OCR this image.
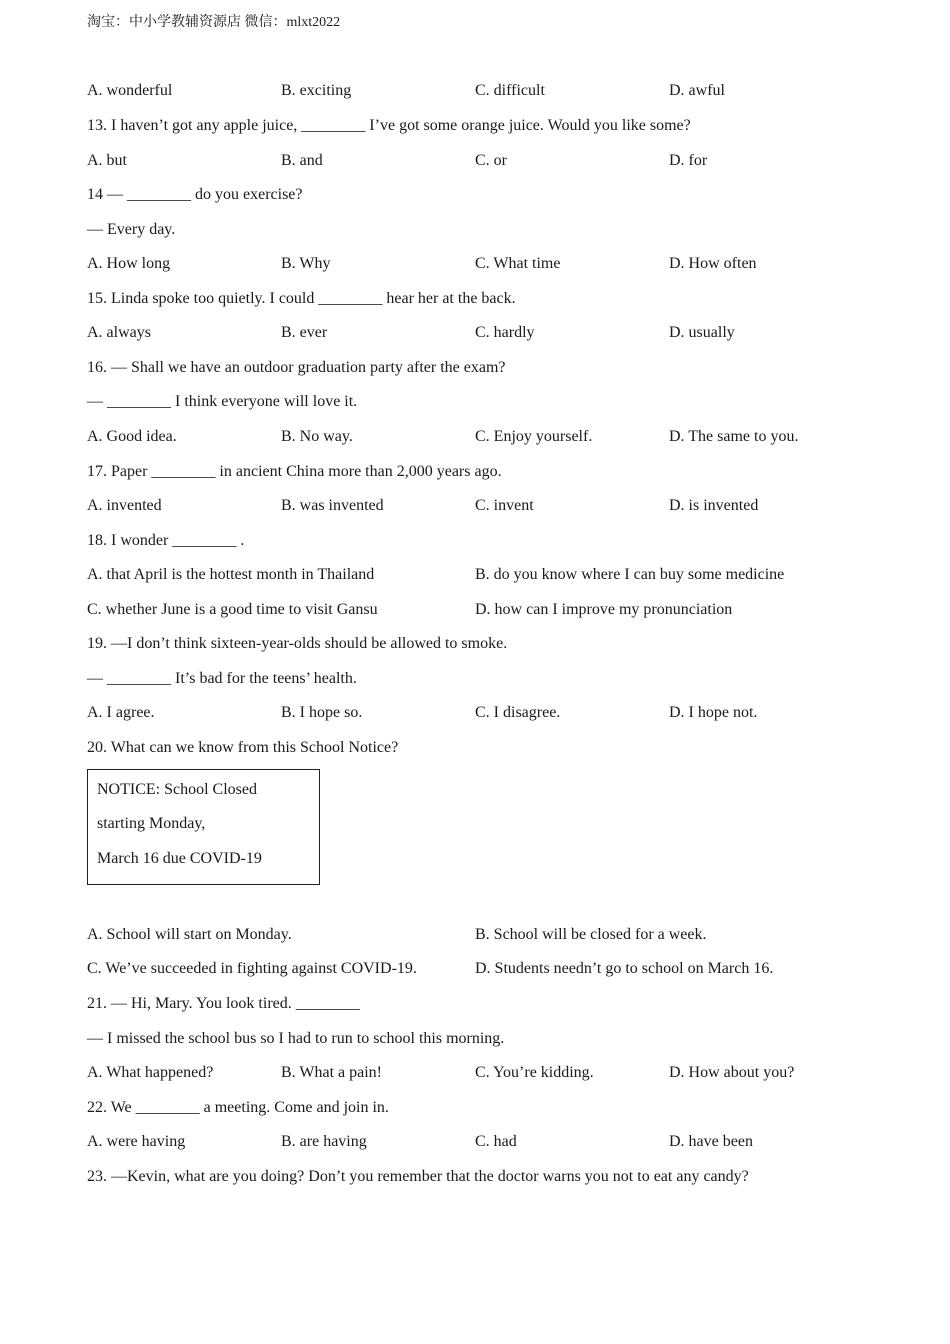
淘宝：中小学教辅资源店 微信：mlxt2022
A. wonderful	B. exciting	C. difficult	D. awful
13. I haven’t got any apple juice, ________ I’ve got some orange juice. Would you like some?
A. but	B. and	C. or	D. for
14 — ________ do you exercise?
— Every day.
A. How long	B. Why	C. What time	D. How often
15. Linda spoke too quietly. I could ________ hear her at the back.
A. always	B. ever	C. hardly	D. usually
16. — Shall we have an outdoor graduation party after the exam?
— ________ I think everyone will love it.
A. Good idea.	B. No way.	C. Enjoy yourself.	D. The same to you.
17. Paper ________ in ancient China more than 2,000 years ago.
A. invented	B. was invented	C. invent	D. is invented
18. I wonder ________ .
A. that April is the hottest month in Thailand	B. do you know where I can buy some medicine
C. whether June is a good time to visit Gansu	D. how can I improve my pronunciation
19. —I don’t think sixteen-year-olds should be allowed to smoke.
— ________ It’s bad for the teens’ health.
A. I agree.	B. I hope so.	C. I disagree.	D. I hope not.
20. What can we know from this School Notice?
A. School will start on Monday.	B. School will be closed for a week.
C. We’ve succeeded in fighting against COVID-19.	D. Students needn’t go to school on March 16.
21. — Hi, Mary. You look tired. ________
— I missed the school bus so I had to run to school this morning.
A. What happened?	B. What a pain!	C. You’re kidding.	D. How about you?
22. We ________ a meeting. Come and join in.
A. were having	B. are having	C. had	D. have been
23. —Kevin, what are you doing? Don’t you remember that the doctor warns you not to eat any candy?
NOTICE: School Closed
starting Monday,
March 16 due COVID-19
